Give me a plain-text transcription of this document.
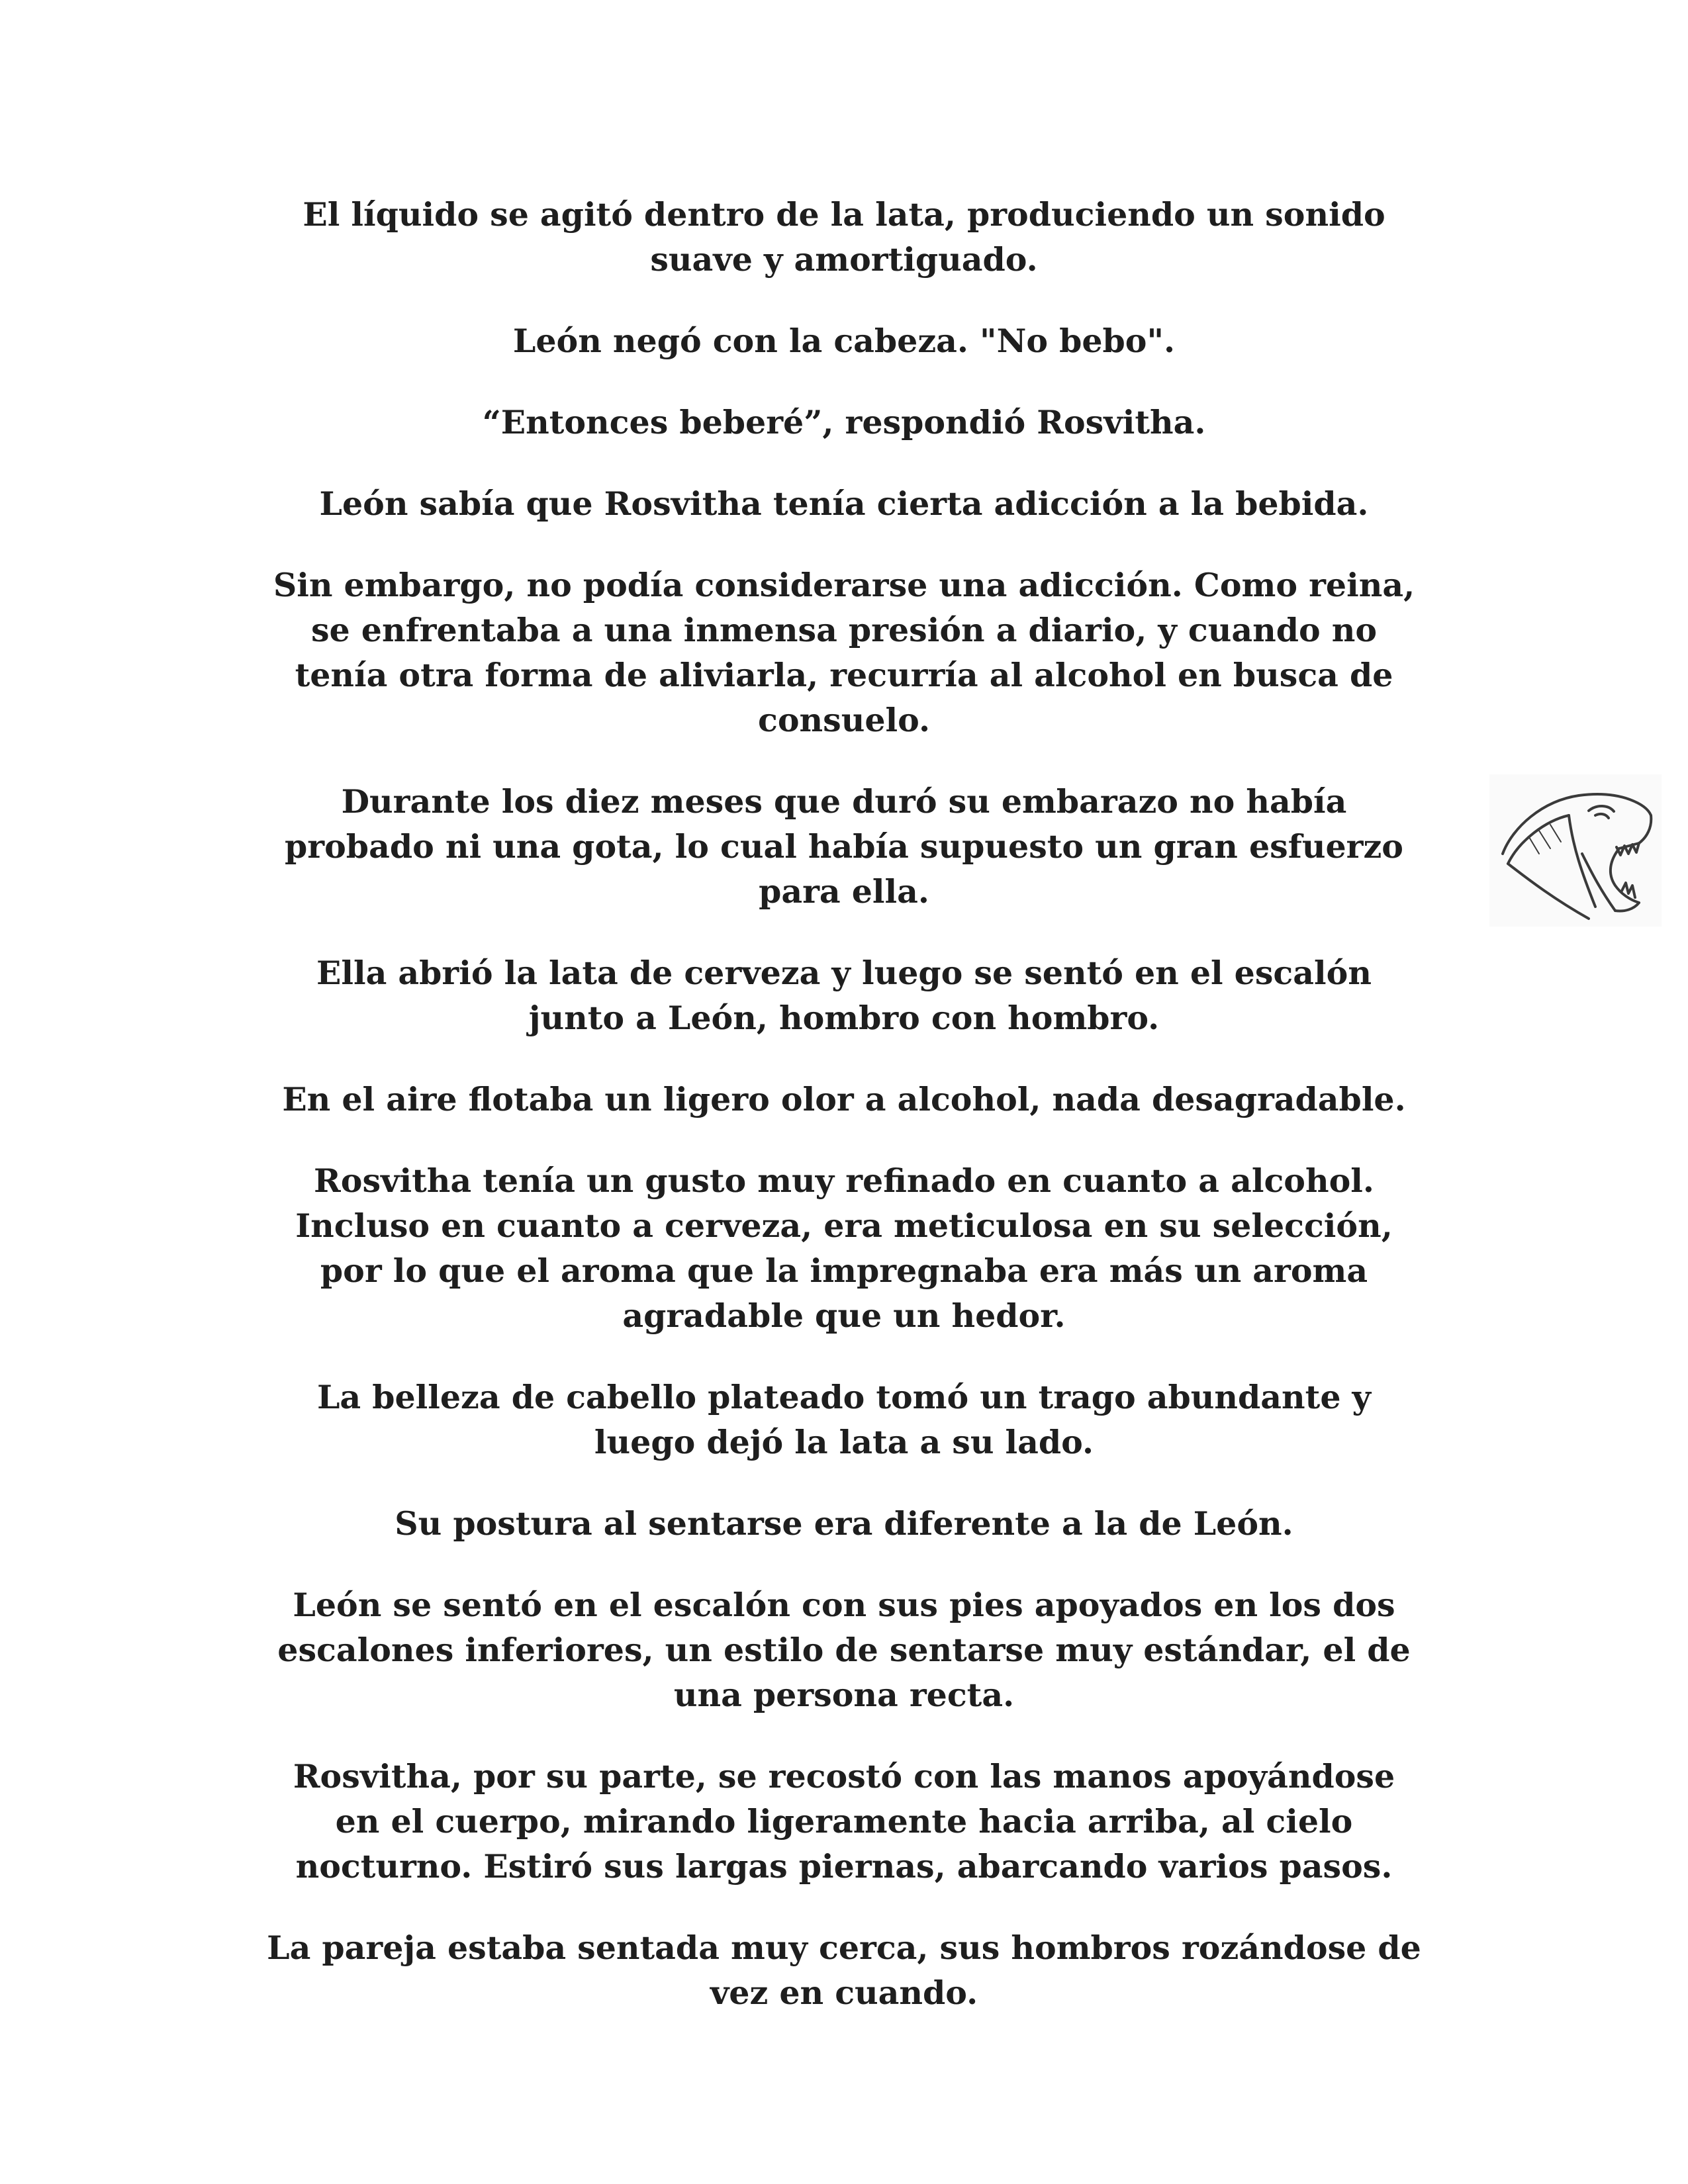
El líquido se agitó dentro de la lata, produciendo un sonido
suave y amortiguado.

León negó con la cabeza. "No bebo".

“Entonces beberé”, respondió Rosvitha.

León sabía que Rosvitha tenía cierta adicción a la bebida.

Sin embargo, no podía considerarse una adicción. Como reina,
se enfrentaba a una inmensa presión a diario, y cuando no
tenía otra forma de aliviarla, recurría al alcohol en busca de
consuelo.

Durante los diez meses que duró su embarazo no había
probado ni una gota, lo cual había supuesto un gran esfuerzo
para ella.

Ella abrió la lata de cerveza y luego se sentó en el escalón
junto a León, hombro con hombro.

En el aire flotaba un ligero olor a alcohol, nada desagradable.

Rosvitha tenía un gusto muy refinado en cuanto a alcohol.
Incluso en cuanto a cerveza, era meticulosa en su selección,
por lo que el aroma que la impregnaba era más un aroma
agradable que un hedor.

La belleza de cabello plateado tomó un trago abundante y
luego dejó la lata a su lado.

Su postura al sentarse era diferente a la de León.

León se sentó en el escalón con sus pies apoyados en los dos
escalones inferiores, un estilo de sentarse muy estándar, el de
una persona recta.

Rosvitha, por su parte, se recostó con las manos apoyándose
en el cuerpo, mirando ligeramente hacia arriba, al cielo
nocturno. Estiró sus largas piernas, abarcando varios pasos.

La pareja estaba sentada muy cerca, sus hombros rozándose de
vez en cuando.
